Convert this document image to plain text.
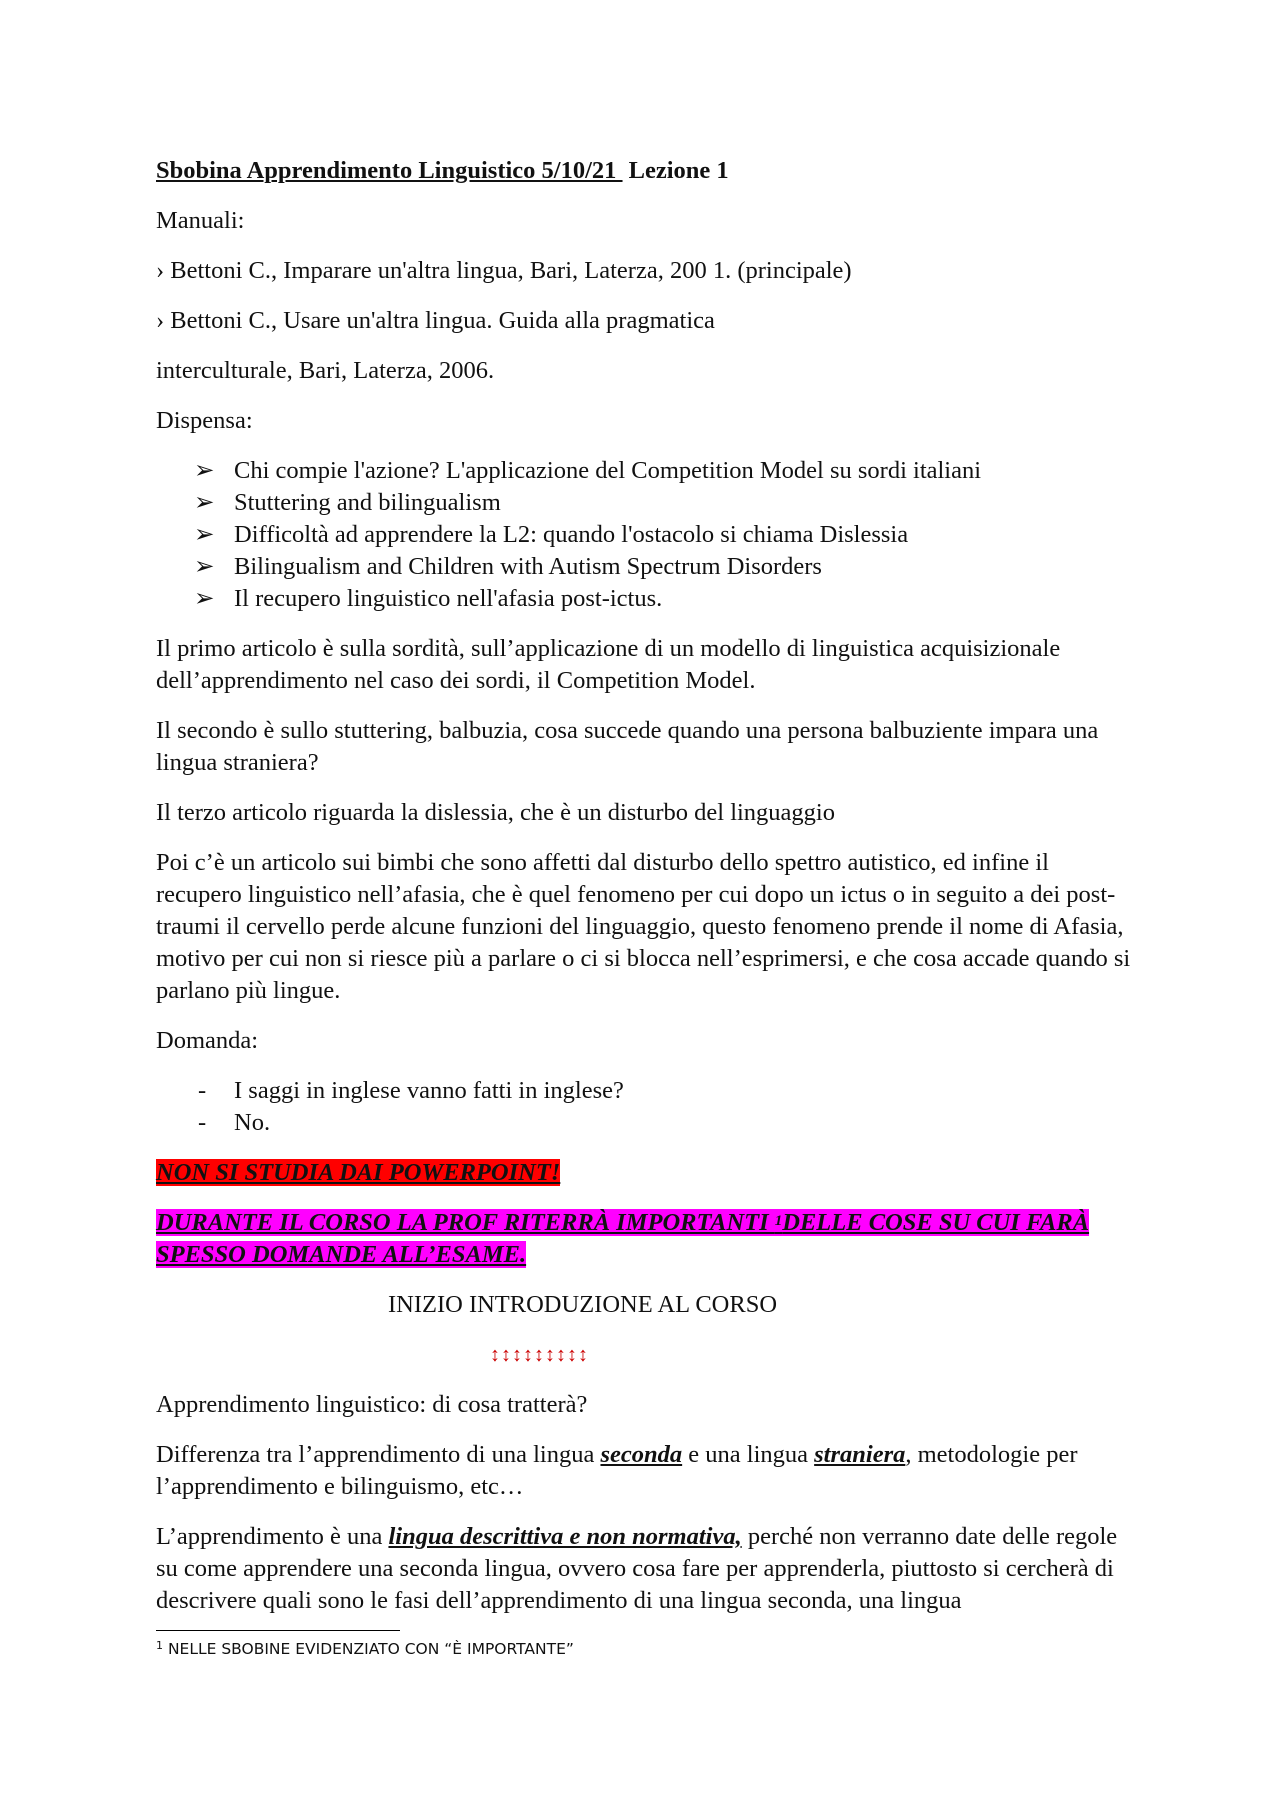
Sbobina Apprendimento Linguistico 5/10/21  Lezione 1

Manuali:

› Bettoni C., Imparare un'altra lingua, Bari, Laterza, 200 1. (principale)

› Bettoni C., Usare un'altra lingua. Guida alla pragmatica

interculturale, Bari, Laterza, 2006.

Dispensa:

➢ Chi compie l'azione? L'applicazione del Competition Model su sordi italiani
➢ Stuttering and bilingualism
➢ Difficoltà ad apprendere la L2: quando l'ostacolo si chiama Dislessia
➢ Bilingualism and Children with Autism Spectrum Disorders
➢ Il recupero linguistico nell'afasia post-ictus.

Il primo articolo è sulla sordità, sull’applicazione di un modello di linguistica acquisizionale dell’apprendimento nel caso dei sordi, il Competition Model.

Il secondo è sullo stuttering, balbuzia, cosa succede quando una persona balbuziente impara una lingua straniera?

Il terzo articolo riguarda la dislessia, che è un disturbo del linguaggio

Poi c’è un articolo sui bimbi che sono affetti dal disturbo dello spettro autistico, ed infine il recupero linguistico nell’afasia, che è quel fenomeno per cui dopo un ictus o in seguito a dei post-traumi il cervello perde alcune funzioni del linguaggio, questo fenomeno prende il nome di Afasia, motivo per cui non si riesce più a parlare o ci si blocca nell’esprimersi, e che cosa accade quando si parlano più lingue.

Domanda:

- I saggi in inglese vanno fatti in inglese?
- No.

NON SI STUDIA DAI POWERPOINT!

DURANTE IL CORSO LA PROF RITERRÀ IMPORTANTI $^1$DELLE COSE SU CUI FARÀ SPESSO DOMANDE ALL’ESAME.

INIZIO INTRODUZIONE AL CORSO

↕↕↕↕↕↕↕↕↕

Apprendimento linguistico: di cosa tratterà?

Differenza tra l’apprendimento di una lingua seconda e una lingua straniera, metodologie per l’apprendimento e bilinguismo, etc…

L’apprendimento è una lingua descrittiva e non normativa, perché non verranno date delle regole su come apprendere una seconda lingua, ovvero cosa fare per apprenderla, piuttosto si cercherà di descrivere quali sono le fasi dell’apprendimento di una lingua seconda, una lingua

$^1$ NELLE SBOBINE EVIDENZIATO CON “È IMPORTANTE”
